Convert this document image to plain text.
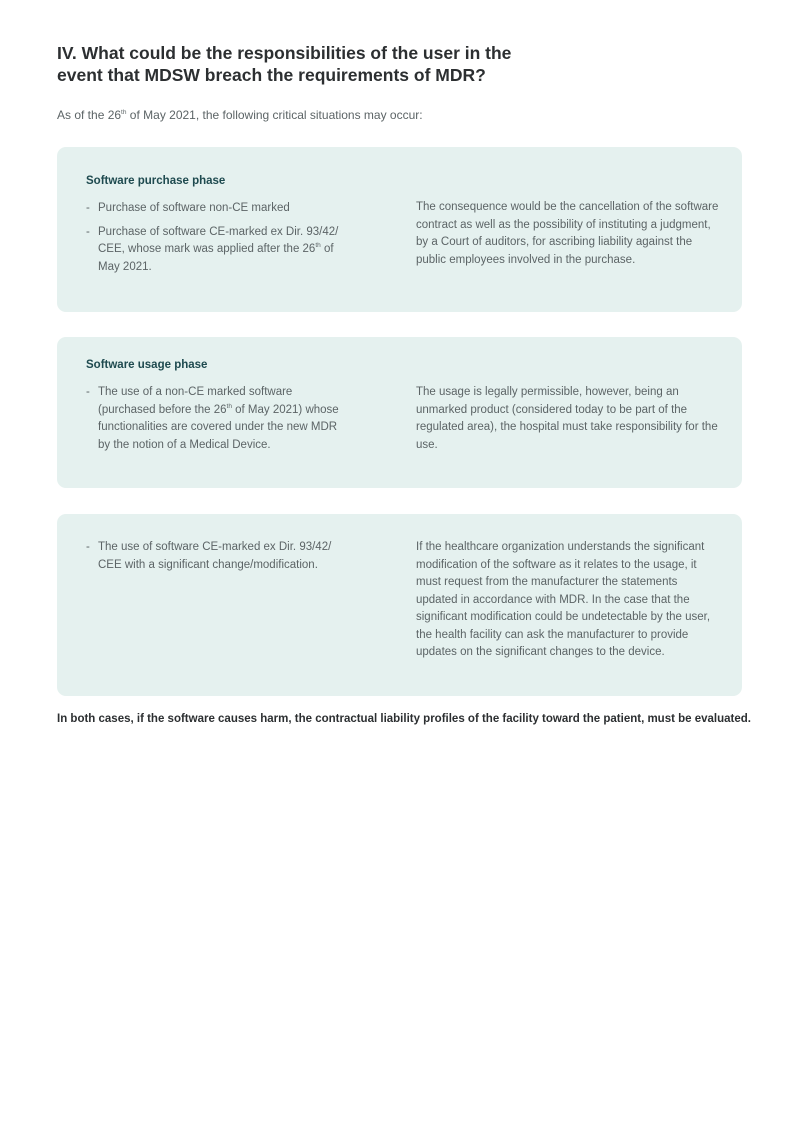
IV. What could be the responsibilities of the user in the event that MDSW breach the requirements of MDR?

As of the 26th of May 2021, the following critical situations may occur:

Software purchase phase
- Purchase of software non-CE marked
- Purchase of software CE-marked ex Dir. 93/42/ CEE, whose mark was applied after the 26th of May 2021.

The consequence would be the cancellation of the software contract as well as the possibility of instituting a judgment, by a Court of auditors, for ascribing liability against the public employees involved in the purchase.

Software usage phase
- The use of a non-CE marked software (purchased before the 26th of May 2021) whose functionalities are covered under the new MDR by the notion of a Medical Device.

The usage is legally permissible, however, being an unmarked product (considered today to be part of the regulated area), the hospital must take responsibility for the use.

- The use of software CE-marked ex Dir. 93/42/ CEE with a significant change/modification.

If the healthcare organization understands the significant modification of the software as it relates to the usage, it must request from the manufacturer the statements updated in accordance with MDR. In the case that the significant modification could be undetectable by the user, the health facility can ask the manufacturer to provide updates on the significant changes to the device.

In both cases, if the software causes harm, the contractual liability profiles of the facility toward the patient, must be evaluated.
